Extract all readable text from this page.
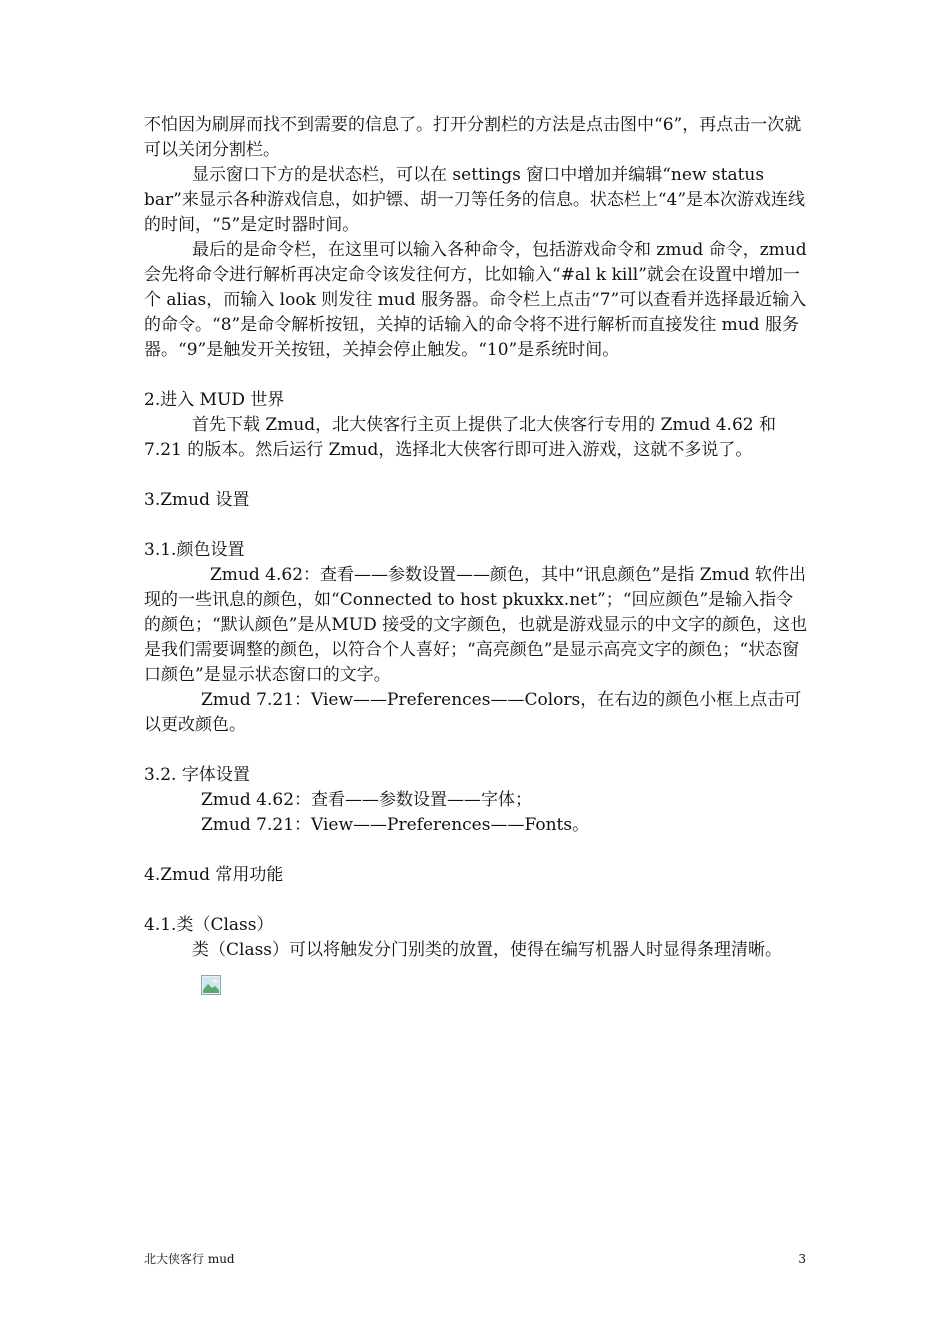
不怕因为刷屏而找不到需要的信息了。打开分割栏的方法是点击图中“6”，再点击一次就可以关闭分割栏。

显示窗口下方的是状态栏，可以在 settings 窗口中增加并编辑“new status bar”来显示各种游戏信息，如护镖、胡一刀等任务的信息。状态栏上“4”是本次游戏连线的时间，“5”是定时器时间。

最后的是命令栏，在这里可以输入各种命令，包括游戏命令和 zmud 命令，zmud 会先将命令进行解析再决定命令该发往何方，比如输入“#al k kill”就会在设置中增加一个 alias，而输入 look 则发往 mud 服务器。命令栏上点击“7”可以查看并选择最近输入的命令。“8”是命令解析按钮，关掉的话输入的命令将不进行解析而直接发往 mud 服务器。“9”是触发开关按钮，关掉会停止触发。“10”是系统时间。

2.进入 MUD 世界

首先下载 Zmud，北大侠客行主页上提供了北大侠客行专用的 Zmud 4.62 和 7.21 的版本。然后运行 Zmud，选择北大侠客行即可进入游戏，这就不多说了。

3.Zmud 设置

3.1.颜色设置

Zmud 4.62：查看——参数设置——颜色，其中“讯息颜色”是指 Zmud 软件出现的一些讯息的颜色，如“Connected to host pkuxkx.net”；“回应颜色”是输入指令的颜色；“默认颜色”是从MUD 接受的文字颜色，也就是游戏显示的中文字的颜色，这也是我们需要调整的颜色，以符合个人喜好；“高亮颜色”是显示高亮文字的颜色；“状态窗口颜色”是显示状态窗口的文字。

Zmud 7.21：View——Preferences——Colors，在右边的颜色小框上点击可以更改颜色。

3.2. 字体设置

Zmud 4.62：查看——参数设置——字体；

Zmud 7.21：View——Preferences——Fonts。

4.Zmud 常用功能

4.1.类（Class）

类（Class）可以将触发分门别类的放置，使得在编写机器人时显得条理清晰。

北大侠客行 mud	3
